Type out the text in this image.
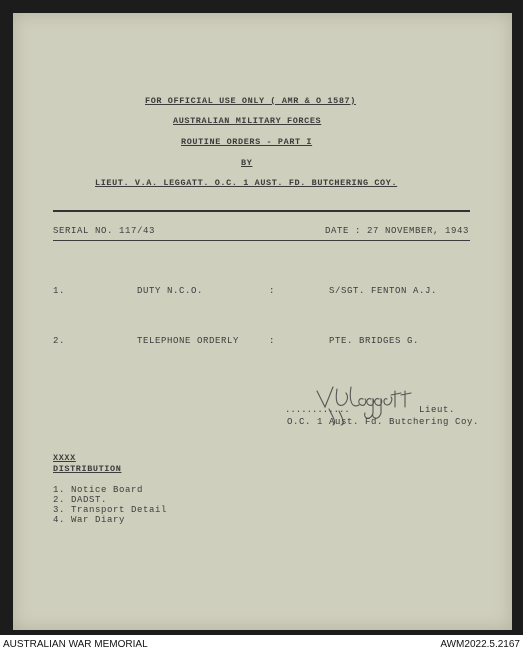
FOR OFFICIAL USE ONLY ( AMR & O 1587)
AUSTRALIAN MILITARY FORCES
ROUTINE ORDERS - PART I
BY
LIEUT. V.A. LEGGATT. O.C. 1 AUST. FD. BUTCHERING COY.
SERIAL NO. 117/43	DATE : 27 NOVEMBER, 1943
1.	DUTY N.C.O.	:	S/SGT. FENTON A.J.
2.	TELEPHONE ORDERLY	:	PTE. BRIDGES G.
............	Lieut.
O.C. 1 Aust. Fd. Butchering Coy.
XXXX
DISTRIBUTION
1. Notice Board
2. DADST.
3. Transport Detail
4. War Diary
AUSTRALIAN WAR MEMORIAL	AWM2022.5.2167
